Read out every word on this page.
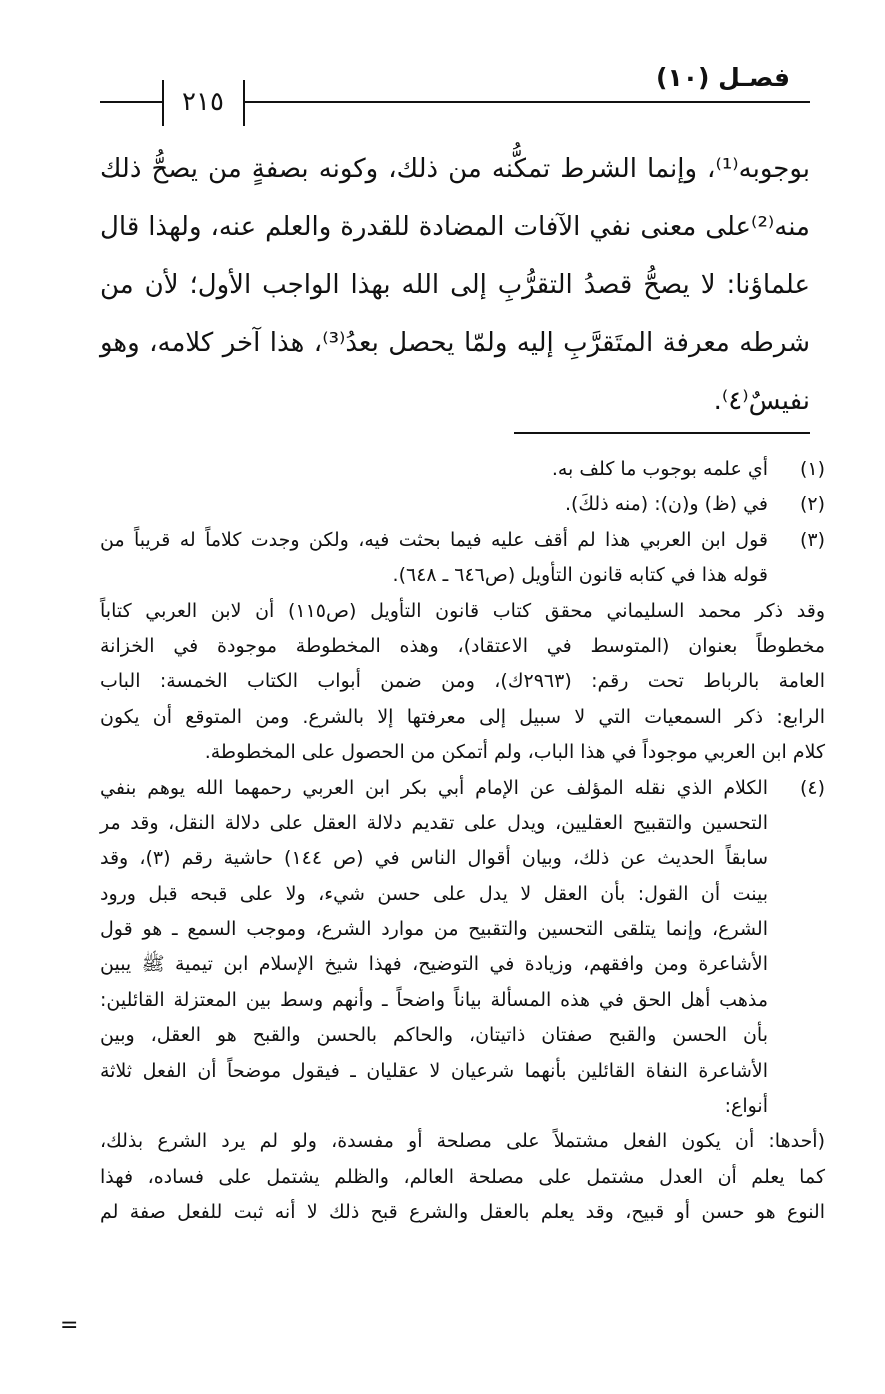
فصـل (١٠)
٢١٥
بوجوبه⁽¹⁾، وإنما الشرط تمكُّنه من ذلك، وكونه بصفةٍ من يصحُّ ذلك
منه⁽²⁾على معنى نفي الآفات المضادة للقدرة والعلم عنه، ولهذا قال
علماؤنا: لا يصحُّ قصدُ التقرُّبِ إلى الله بهذا الواجب الأول؛ لأن من
شرطه معرفة المتَقرَّبِ إليه ولمّا يحصل بعدُ⁽³⁾، هذا آخر كلامه، وهو
نفيسٌ⁽٤⁾.
(١)
أي علمه بوجوب ما كلف به.
(٢)
في (ظ) و(ن): (منه ذلكَ).
(٣)
قول ابن العربي هذا لم أقف عليه فيما بحثت فيه، ولكن وجدت كلاماً له قريباً من
قوله هذا في كتابه قانون التأويل (ص٦٤٦ ـ ٦٤٨).
وقد ذكر محمد السليماني محقق كتاب قانون التأويل (ص١١٥) أن لابن العربي كتاباً
مخطوطاً بعنوان (المتوسط في الاعتقاد)، وهذه المخطوطة موجودة في الخزانة
العامة بالرباط تحت رقم: (٢٩٦٣ك)، ومن ضمن أبواب الكتاب الخمسة: الباب
الرابع: ذكر السمعيات التي لا سبيل إلى معرفتها إلا بالشرع. ومن المتوقع أن يكون
كلام ابن العربي موجوداً في هذا الباب، ولم أتمكن من الحصول على المخطوطة.
(٤)
الكلام الذي نقله المؤلف عن الإمام أبي بكر ابن العربي رحمهما الله يوهم بنفي
التحسين والتقبيح العقليين، ويدل على تقديم دلالة العقل على دلالة النقل، وقد مر
سابقاً الحديث عن ذلك، وبيان أقوال الناس في (ص ١٤٤) حاشية رقم (٣)، وقد
بينت أن القول: بأن العقل لا يدل على حسن شيء، ولا على قبحه قبل ورود
الشرع، وإنما يتلقى التحسين والتقبيح من موارد الشرع، وموجب السمع ـ هو قول
الأشاعرة ومن وافقهم، وزيادة في التوضيح، فهذا شيخ الإسلام ابن تيمية ﷺ يبين
مذهب أهل الحق في هذه المسألة بياناً واضحاً ـ وأنهم وسط بين المعتزلة القائلين:
بأن الحسن والقبح صفتان ذاتيتان، والحاكم بالحسن والقبح هو العقل، وبين
الأشاعرة النفاة القائلين بأنهما شرعيان لا عقليان ـ فيقول موضحاً أن الفعل ثلاثة
أنواع:
(أحدها: أن يكون الفعل مشتملاً على مصلحة أو مفسدة، ولو لم يرد الشرع بذلك،
كما يعلم أن العدل مشتمل على مصلحة العالم، والظلم يشتمل على فساده، فهذا
النوع هو حسن أو قبيح، وقد يعلم بالعقل والشرع قبح ذلك لا أنه ثبت للفعل صفة لم
=
